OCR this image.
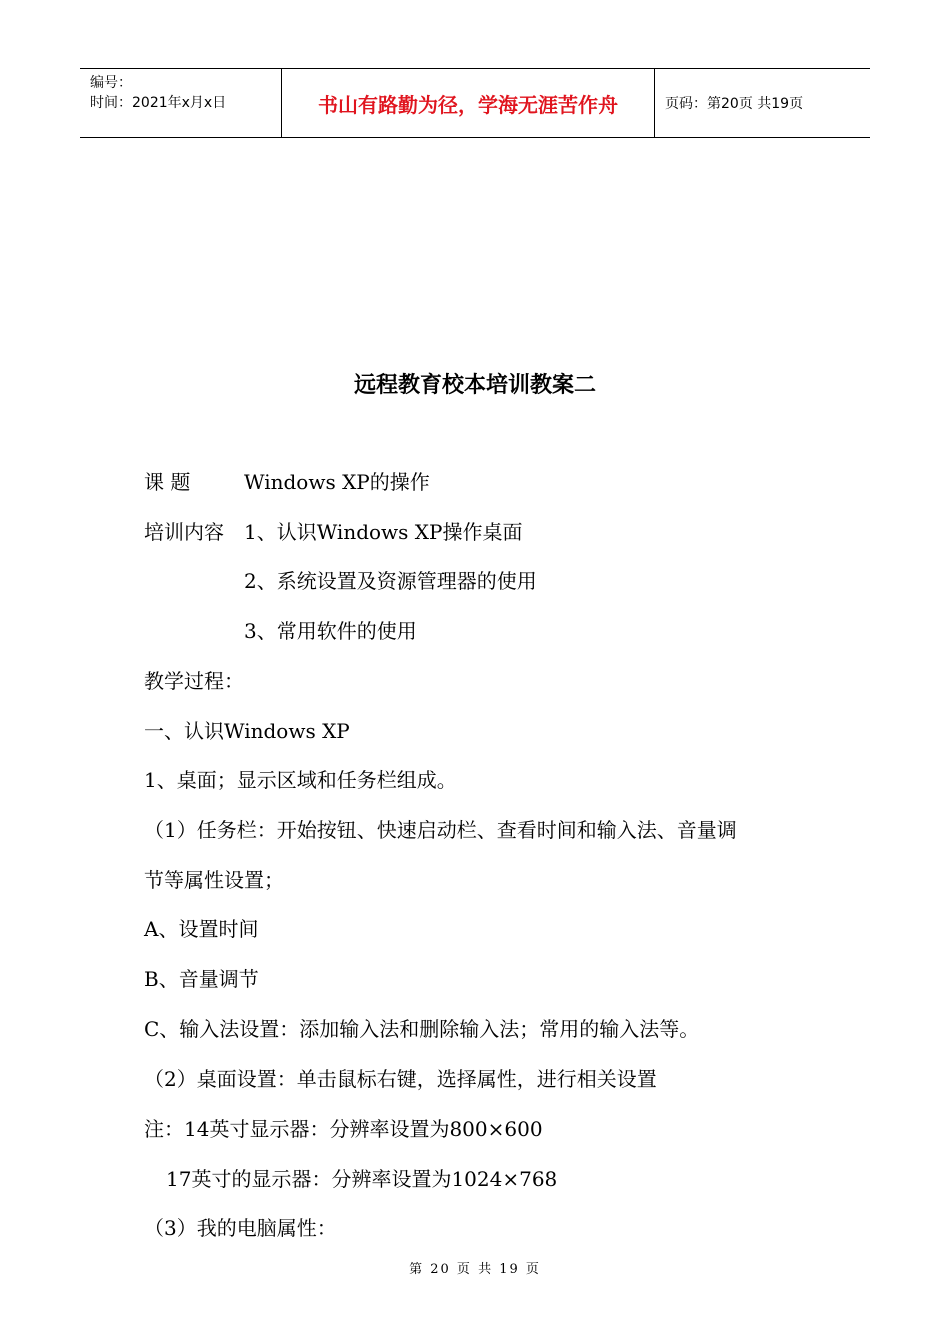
编号：
时间：2021年x月x日	书山有路勤为径，学海无涯苦作舟	页码：第20页 共19页
远程教育校本培训教案二
课 题	Windows XP的操作
培训内容 1、认识Windows XP操作桌面
2、系统设置及资源管理器的使用
3、常用软件的使用
教学过程：
一、认识Windows XP
1、桌面；显示区域和任务栏组成。
（1）任务栏：开始按钮、快速启动栏、查看时间和输入法、音量调
节等属性设置；
A、设置时间
B、音量调节
C、输入法设置：添加输入法和删除输入法；常用的输入法等。
（2）桌面设置：单击鼠标右键，选择属性，进行相关设置
注：14英寸显示器：分辨率设置为800×600
17英寸的显示器：分辨率设置为1024×768
（3）我的电脑属性：
第 20 页 共 19 页
